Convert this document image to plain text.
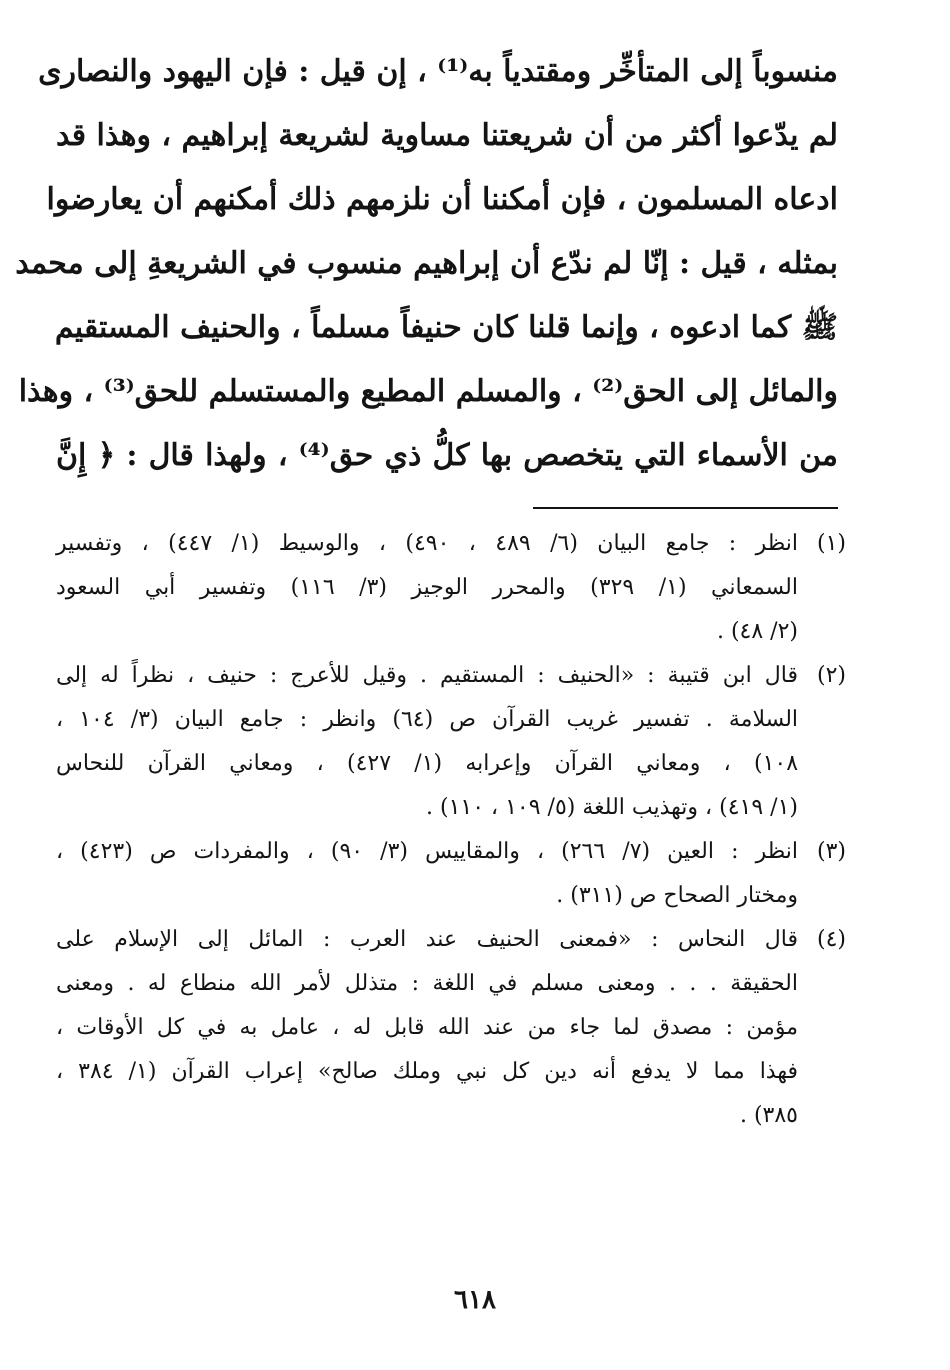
منسوباً إلى المتأخِّر ومقتدياً به⁽¹⁾ ، إن قيل : فإن اليهود والنصارى
لم يدّعوا أكثر من أن شريعتنا مساوية لشريعة إبراهيم ، وهذا قد
ادعاه المسلمون ، فإن أمكننا أن نلزمهم ذلك أمكنهم أن يعارضوا
بمثله ، قيل : إنّا لم ندّع أن إبراهيم منسوب في الشريعةِ إلى محمد
ﷺ كما ادعوه ، وإنما قلنا كان حنيفاً مسلماً ، والحنيف المستقيم
والمائل إلى الحق⁽²⁾ ، والمسلم المطيع والمستسلم للحق⁽³⁾ ، وهذا
من الأسماء التي يتخصص بها كلُّ ذي حق⁽⁴⁾ ، ولهذا قال : ﴿ إِنَّ
(١)
انظر : جامع البيان (٦/ ٤٨٩ ، ٤٩٠) ، والوسيط (١/ ٤٤٧) ، وتفسير
السمعاني (١/ ٣٢٩) والمحرر الوجيز (٣/ ١١٦) وتفسير أبي السعود
(٢/ ٤٨) .
(٢)
قال ابن قتيبة : «الحنيف : المستقيم . وقيل للأعرج : حنيف ، نظراً له إلى
السلامة . تفسير غريب القرآن ص (٦٤) وانظر : جامع البيان (٣/ ١٠٤ ،
١٠٨) ، ومعاني القرآن وإعرابه (١/ ٤٢٧) ، ومعاني القرآن للنحاس
(١/ ٤١٩) ، وتهذيب اللغة (٥/ ١٠٩ ، ١١٠) .
(٣)
انظر : العين (٧/ ٢٦٦) ، والمقاييس (٣/ ٩٠) ، والمفردات ص (٤٢٣) ،
ومختار الصحاح ص (٣١١) .
(٤)
قال النحاس : «فمعنى الحنيف عند العرب : المائل إلى الإسلام على
الحقيقة . . . ومعنى مسلم في اللغة : متذلل لأمر الله منطاع له . ومعنى
مؤمن : مصدق لما جاء من عند الله قابل له ، عامل به في كل الأوقات ،
فهذا مما لا يدفع أنه دين كل نبي وملك صالح» إعراب القرآن (١/ ٣٨٤ ،
٣٨٥) .
٦١٨
